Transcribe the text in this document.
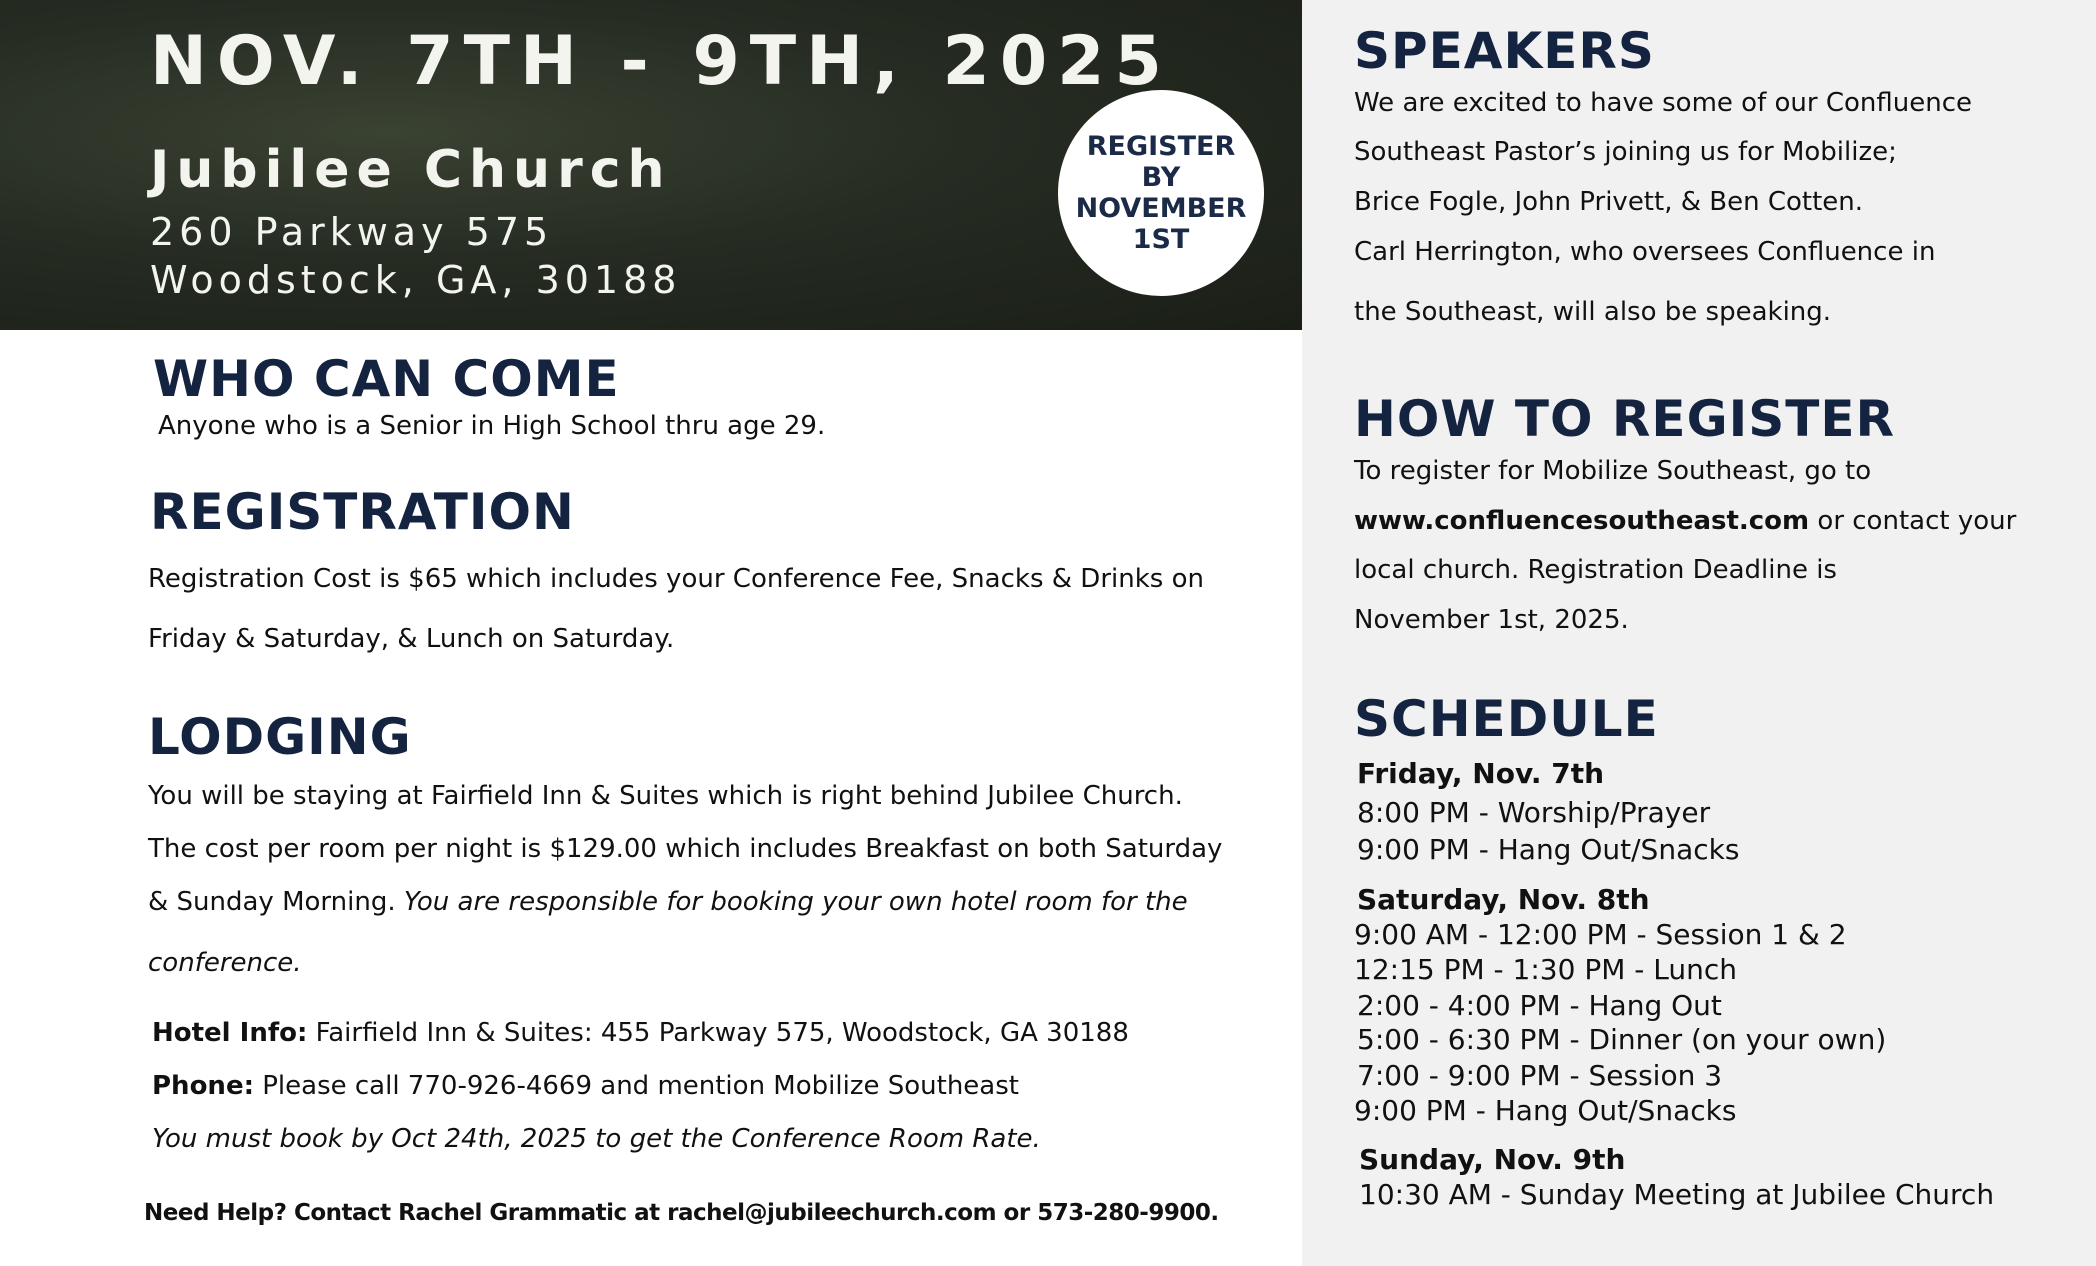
NOV. 7TH - 9TH, 2025
Jubilee Church
260 Parkway 575
Woodstock, GA, 30188
REGISTER
BY
NOVEMBER
1ST
WHO CAN COME
Anyone who is a Senior in High School thru age 29.
REGISTRATION
Registration Cost is $65 which includes your Conference Fee, Snacks & Drinks on
Friday & Saturday, & Lunch on Saturday.
LODGING
You will be staying at Fairfield Inn & Suites which is right behind Jubilee Church.
The cost per room per night is $129.00 which includes Breakfast on both Saturday
& Sunday Morning. You are responsible for booking your own hotel room for the
conference.
Hotel Info: Fairfield Inn & Suites: 455 Parkway 575, Woodstock, GA 30188
Phone: Please call 770-926-4669 and mention Mobilize Southeast
You must book by Oct 24th, 2025 to get the Conference Room Rate.
Need Help? Contact Rachel Grammatic at rachel@jubileechurch.com or 573-280-9900.
SPEAKERS
We are excited to have some of our Confluence
Southeast Pastor’s joining us for Mobilize;
Brice Fogle, John Privett, & Ben Cotten.
Carl Herrington, who oversees Confluence in
the Southeast, will also be speaking.
HOW TO REGISTER
To register for Mobilize Southeast, go to
www.confluencesoutheast.com or contact your
local church. Registration Deadline is
November 1st, 2025.
SCHEDULE
Friday, Nov. 7th
8:00 PM - Worship/Prayer
9:00 PM - Hang Out/Snacks
Saturday, Nov. 8th
9:00 AM - 12:00 PM - Session 1 & 2
12:15 PM - 1:30 PM - Lunch
2:00 - 4:00 PM - Hang Out
5:00 - 6:30 PM - Dinner (on your own)
7:00 - 9:00 PM - Session 3
9:00 PM - Hang Out/Snacks
Sunday, Nov. 9th
10:30 AM - Sunday Meeting at Jubilee Church
